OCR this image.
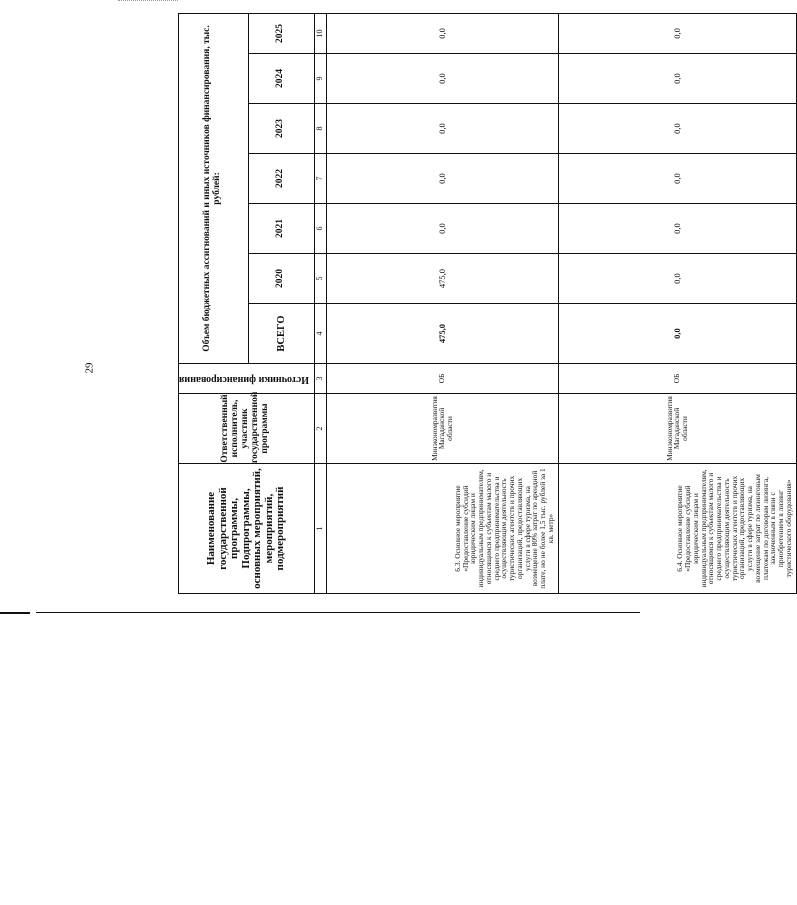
29
Наименование государственной программы, Подпрограммы, основных мероприятий, мероприятий, подмероприятий	Ответственный исполнитель, участник государственной программы	Источники финансирования	Объем бюджетных ассигнований и иных источников финансирования, тыс. рублей:						
			ВСЕГО	2020	2021	2022	2023	2024	2025
1	2	3	4	5	6	7	8	9	10
6.3. Основное мероприятие «Предоставление субсидий юридическим лицам и индивидуальным предпринимателям, относящимся к субъектам малого и среднего предпринимательства и осуществляющим деятельность туристических агентств и прочих организаций, предоставляющих услуги в сфере туризма, на возмещение 80% затрат по арендной плате, но не более 1,5 тыс. рублей за 1 кв. метр»	Минэкономразвития Магаданской области	ОБ	475,0	475,0	0,0	0,0	0,0	0,0	0,0
6.4. Основное мероприятие «Предоставление субсидий юридическим лицам и индивидуальным предпринимателям, относящимся к субъектам малого и среднего предпринимательства и осуществляющим деятельность туристических агентств и прочих организаций, предоставляющих услуги в сфере туризма, на возмещение затрат по лизинговым платежам по договорам лизинга, заключенным в связи с приобретением в лизинг туристического оборудования»	Минэкономразвития Магаданской области	ОБ	0,0	0,0	0,0	0,0	0,0	0,0	0,0
